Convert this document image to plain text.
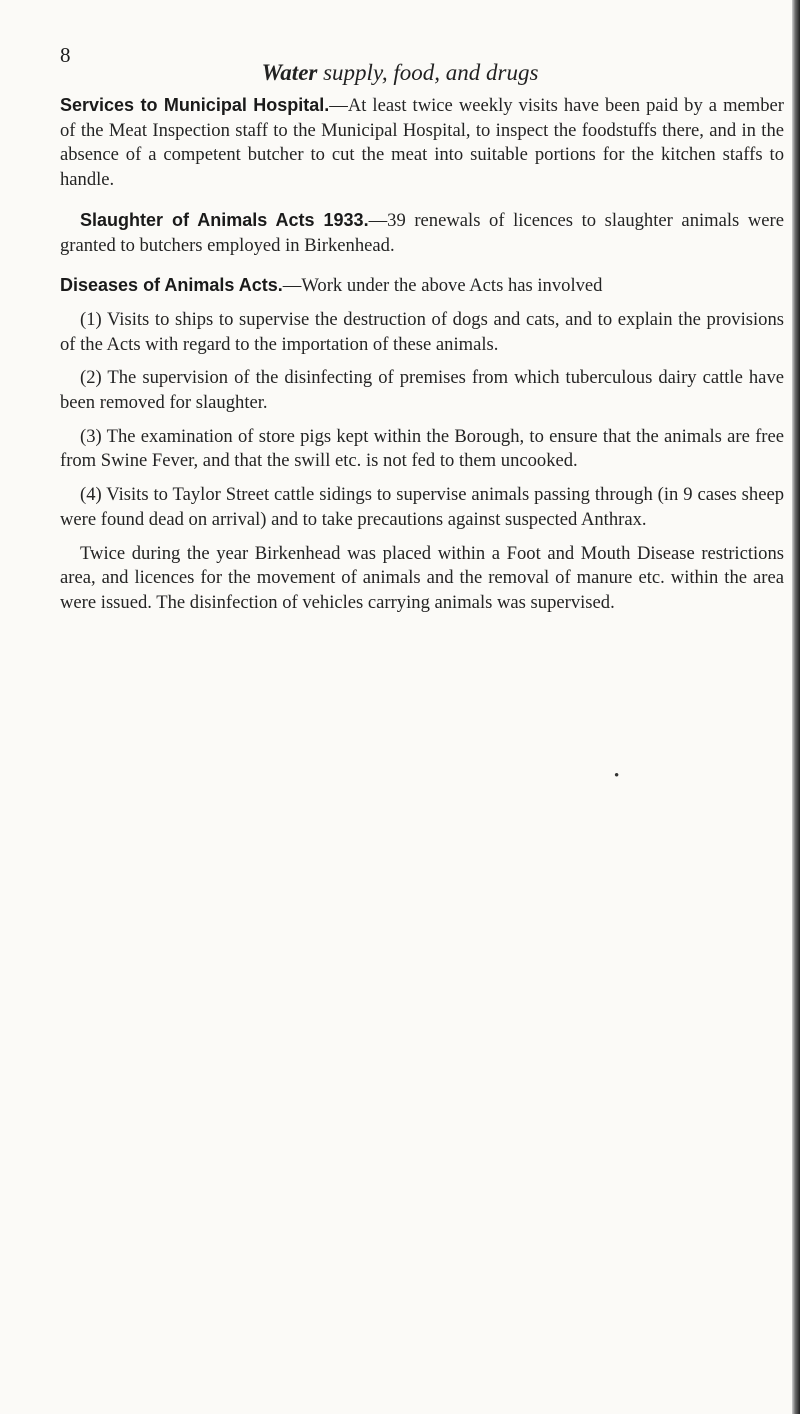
8
Water supply, food, and drugs

Services to Municipal Hospital.—At least twice weekly visits have been paid by a member of the Meat Inspection staff to the Municipal Hospital, to inspect the foodstuffs there, and in the absence of a competent butcher to cut the meat into suitable portions for the kitchen staffs to handle.

Slaughter of Animals Acts 1933.—39 renewals of licences to slaughter animals were granted to butchers employed in Birkenhead.

Diseases of Animals Acts.—Work under the above Acts has involved

(1) Visits to ships to supervise the destruction of dogs and cats, and to explain the provisions of the Acts with regard to the importation of these animals.

(2) The supervision of the disinfecting of premises from which tuberculous dairy cattle have been removed for slaughter.

(3) The examination of store pigs kept within the Borough, to ensure that the animals are free from Swine Fever, and that the swill etc. is not fed to them uncooked.

(4) Visits to Taylor Street cattle sidings to supervise animals passing through (in 9 cases sheep were found dead on arrival) and to take precautions against suspected Anthrax.

Twice during the year Birkenhead was placed within a Foot and Mouth Disease restrictions area, and licences for the movement of animals and the removal of manure etc. within the area were issued. The disinfection of vehicles carrying animals was supervised.

•
